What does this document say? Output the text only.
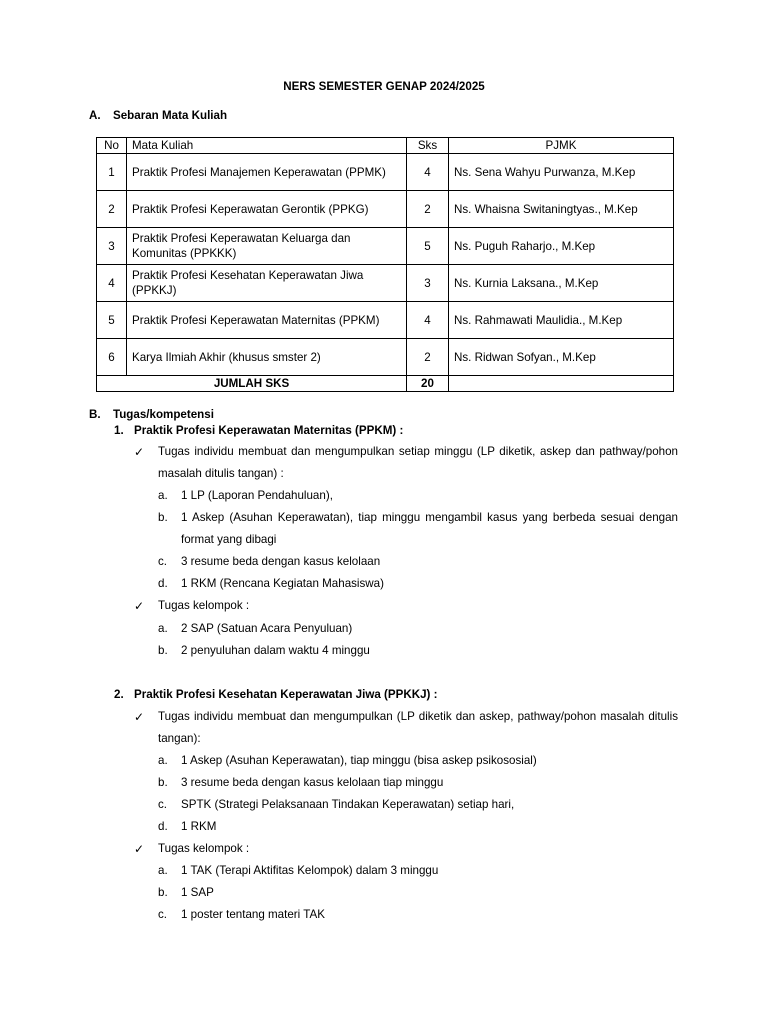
NERS SEMESTER GENAP 2024/2025
A. Sebaran Mata Kuliah
No	Mata Kuliah	Sks	PJMK
1	Praktik Profesi Manajemen Keperawatan (PPMK)	4	Ns. Sena Wahyu Purwanza, M.Kep
2	Praktik Profesi Keperawatan Gerontik (PPKG)	2	Ns. Whaisna Switaningtyas., M.Kep
3	Praktik Profesi Keperawatan Keluarga dan Komunitas (PPKKK)	5	Ns. Puguh Raharjo., M.Kep
4	Praktik Profesi Kesehatan Keperawatan Jiwa (PPKKJ)	3	Ns. Kurnia Laksana., M.Kep
5	Praktik Profesi Keperawatan Maternitas (PPKM)	4	Ns. Rahmawati Maulidia., M.Kep
6	Karya Ilmiah Akhir (khusus smster 2)	2	Ns. Ridwan Sofyan., M.Kep
JUMLAH SKS		20	
B. Tugas/kompetensi
1. Praktik Profesi Keperawatan Maternitas (PPKM) :
✓	Tugas individu membuat dan mengumpulkan setiap minggu (LP diketik, askep dan pathway/pohon masalah ditulis tangan) :
a.	1 LP (Laporan Pendahuluan),
b.	1 Askep (Asuhan Keperawatan), tiap minggu mengambil kasus yang berbeda sesuai dengan format yang dibagi
c.	3 resume beda dengan kasus kelolaan
d.	1 RKM (Rencana Kegiatan Mahasiswa)
✓	Tugas kelompok :
a.	2 SAP (Satuan Acara Penyuluan)
b.	2 penyuluhan dalam waktu 4 minggu
2. Praktik Profesi Kesehatan Keperawatan Jiwa (PPKKJ) :
✓	Tugas individu membuat dan mengumpulkan (LP diketik dan askep, pathway/pohon masalah ditulis tangan):
a.	1 Askep (Asuhan Keperawatan), tiap minggu (bisa askep psikososial)
b.	3 resume beda dengan kasus kelolaan tiap minggu
c.	SPTK (Strategi Pelaksanaan Tindakan Keperawatan) setiap hari,
d.	1 RKM
✓	Tugas kelompok :
a.	1 TAK (Terapi Aktifitas Kelompok) dalam 3 minggu
b.	1 SAP
c.	1 poster tentang materi TAK
